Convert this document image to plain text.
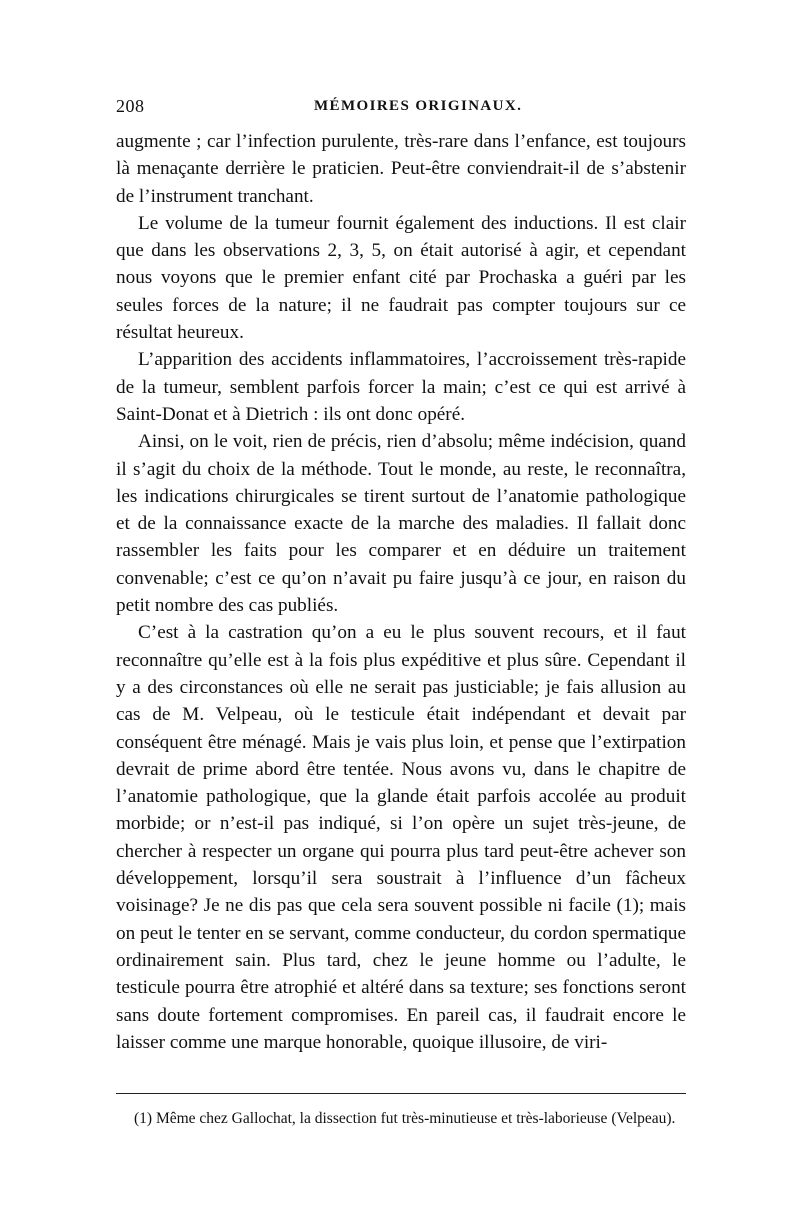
208	MÉMOIRES ORIGINAUX.

augmente ; car l’infection purulente, très-rare dans l’enfance, est toujours là menaçante derrière le praticien. Peut-être conviendrait-il de s’abstenir de l’instrument tranchant.

Le volume de la tumeur fournit également des inductions. Il est clair que dans les observations 2, 3, 5, on était autorisé à agir, et cependant nous voyons que le premier enfant cité par Prochaska a guéri par les seules forces de la nature; il ne faudrait pas compter toujours sur ce résultat heureux.

L’apparition des accidents inflammatoires, l’accroissement très-rapide de la tumeur, semblent parfois forcer la main; c’est ce qui est arrivé à Saint-Donat et à Dietrich : ils ont donc opéré.

Ainsi, on le voit, rien de précis, rien d’absolu; même indécision, quand il s’agit du choix de la méthode. Tout le monde, au reste, le reconnaîtra, les indications chirurgicales se tirent surtout de l’anatomie pathologique et de la connaissance exacte de la marche des maladies. Il fallait donc rassembler les faits pour les comparer et en déduire un traitement convenable; c’est ce qu’on n’avait pu faire jusqu’à ce jour, en raison du petit nombre des cas publiés.

C’est à la castration qu’on a eu le plus souvent recours, et il faut reconnaître qu’elle est à la fois plus expéditive et plus sûre. Cependant il y a des circonstances où elle ne serait pas justiciable; je fais allusion au cas de M. Velpeau, où le testicule était indépendant et devait par conséquent être ménagé. Mais je vais plus loin, et pense que l’extirpation devrait de prime abord être tentée. Nous avons vu, dans le chapitre de l’anatomie pathologique, que la glande était parfois accolée au produit morbide; or n’est-il pas indiqué, si l’on opère un sujet très-jeune, de chercher à respecter un organe qui pourra plus tard peut-être achever son développement, lorsqu’il sera soustrait à l’influence d’un fâcheux voisinage? Je ne dis pas que cela sera souvent possible ni facile (1); mais on peut le tenter en se servant, comme conducteur, du cordon spermatique ordinairement sain. Plus tard, chez le jeune homme ou l’adulte, le testicule pourra être atrophié et altéré dans sa texture; ses fonctions seront sans doute fortement compromises. En pareil cas, il faudrait encore le laisser comme une marque honorable, quoique illusoire, de viri-

(1) Même chez Gallochat, la dissection fut très-minutieuse et très-laborieuse (Velpeau).
